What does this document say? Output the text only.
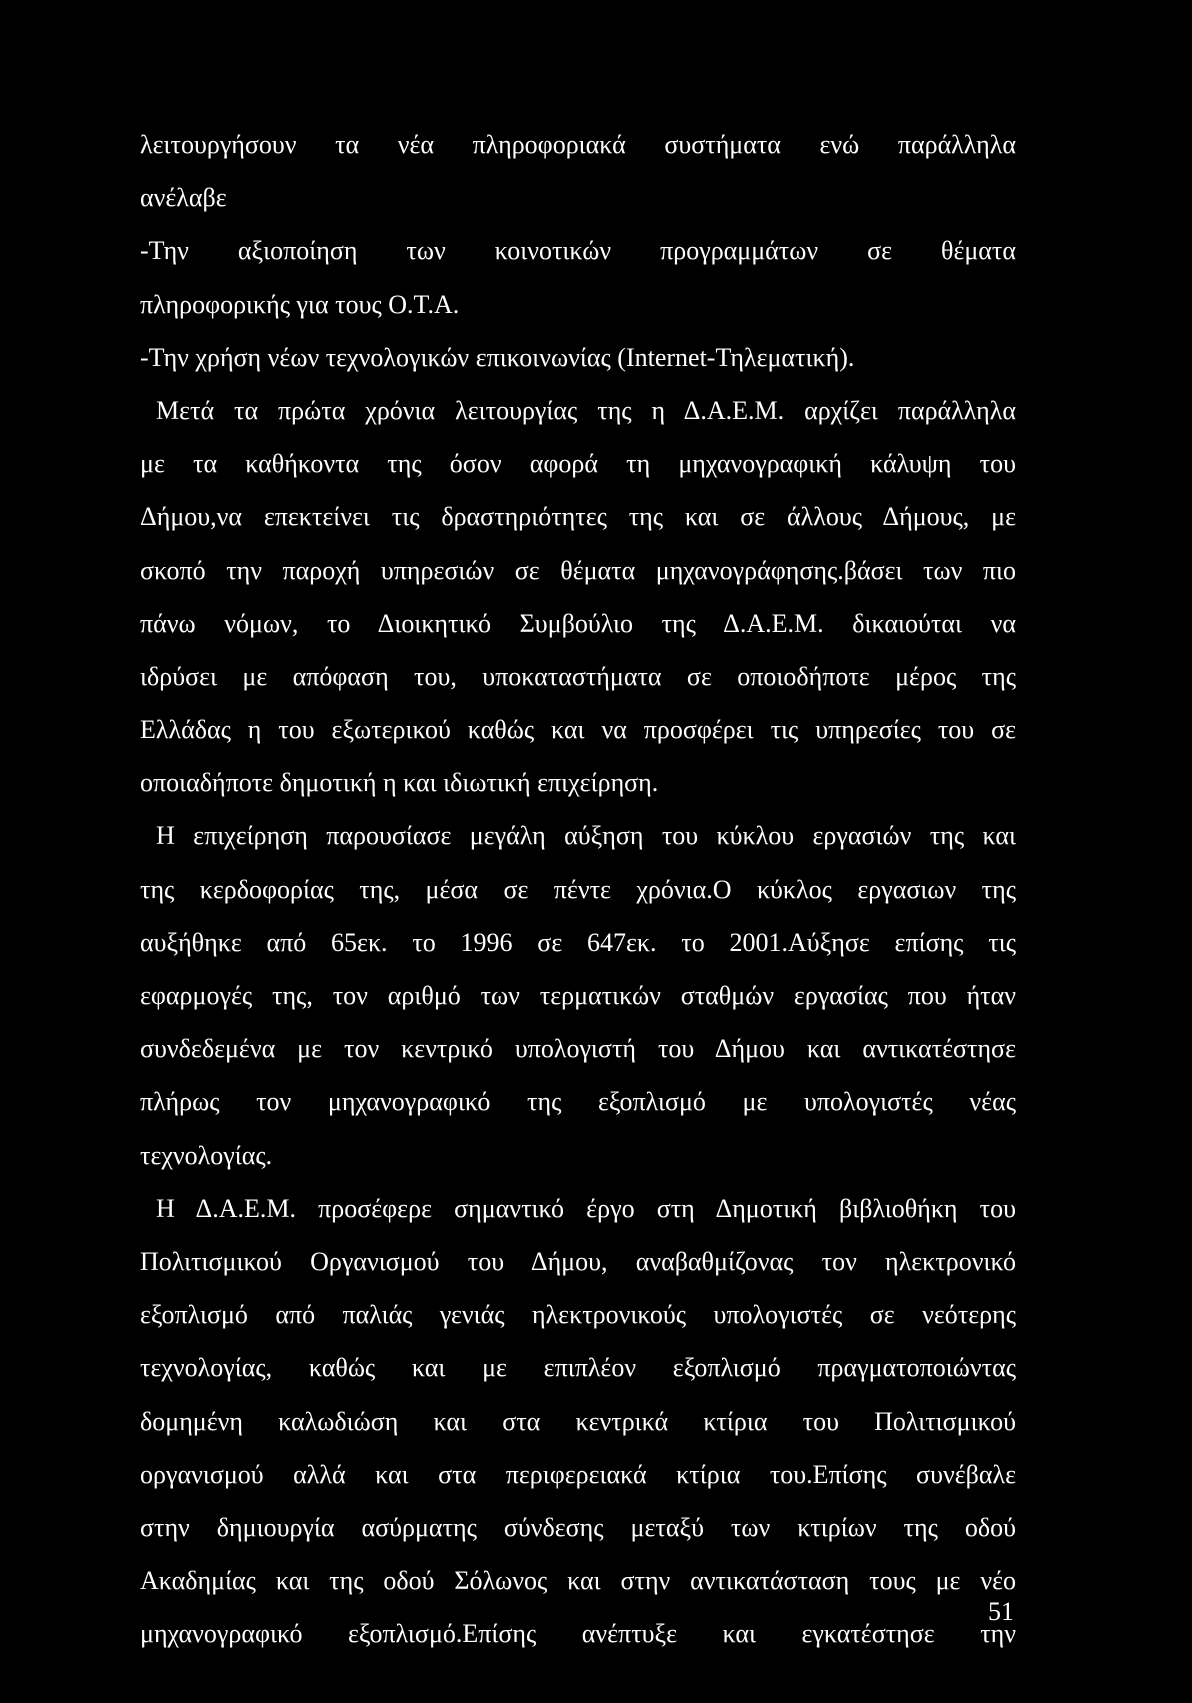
λειτουργήσουν τα νέα πληροφοριακά συστήματα ενώ παράλληλα
ανέλαβε
-Την αξιοποίηση των κοινοτικών προγραμμάτων σε θέματα
πληροφορικής για τους Ο.Τ.Α.
-Την χρήση νέων τεχνολογικών επικοινωνίας (Internet-Τηλεματική).
Μετά τα πρώτα χρόνια λειτουργίας της η Δ.Α.Ε.Μ. αρχίζει παράλληλα
με τα καθήκοντα της όσον αφορά τη μηχανογραφική κάλυψη του
Δήμου,να επεκτείνει τις δραστηριότητες της και σε άλλους Δήμους, με
σκοπό την παροχή υπηρεσιών σε θέματα μηχανογράφησης.βάσει των πιο
πάνω νόμων, το Διοικητικό Συμβούλιο της Δ.Α.Ε.Μ. δικαιούται να
ιδρύσει με απόφαση του, υποκαταστήματα σε οποιοδήποτε μέρος της
Ελλάδας η του εξωτερικού καθώς και να προσφέρει τις υπηρεσίες του σε
οποιαδήποτε δημοτική η και ιδιωτική επιχείρηση.
Η επιχείρηση παρουσίασε μεγάλη αύξηση του κύκλου εργασιών της και
της κερδοφορίας της, μέσα σε πέντε χρόνια.Ο κύκλος εργασιων της
αυξήθηκε από 65εκ. το 1996 σε 647εκ. το 2001.Αύξησε επίσης τις
εφαρμογές της, τον αριθμό των τερματικών σταθμών εργασίας που ήταν
συνδεδεμένα με τον κεντρικό υπολογιστή του Δήμου και αντικατέστησε
πλήρως τον μηχανογραφικό της εξοπλισμό με υπολογιστές νέας
τεχνολογίας.
Η Δ.Α.Ε.Μ. προσέφερε σημαντικό έργο στη Δημοτική βιβλιοθήκη του
Πολιτισμικού Οργανισμού του Δήμου, αναβαθμίζονας τον ηλεκτρονικό
εξοπλισμό από παλιάς γενιάς ηλεκτρονικούς υπολογιστές σε νεότερης
τεχνολογίας, καθώς και με επιπλέον εξοπλισμό πραγματοποιώντας
δομημένη καλωδιώση και στα κεντρικά κτίρια του Πολιτισμικού
οργανισμού αλλά και στα περιφερειακά κτίρια του.Επίσης συνέβαλε
στην δημιουργία ασύρματης σύνδεσης μεταξύ των κτιρίων της οδού
Ακαδημίας και της οδού Σόλωνος και στην αντικατάσταση τους με νέο
μηχανογραφικό εξοπλισμό.Επίσης ανέπτυξε και εγκατέστησε την
51
